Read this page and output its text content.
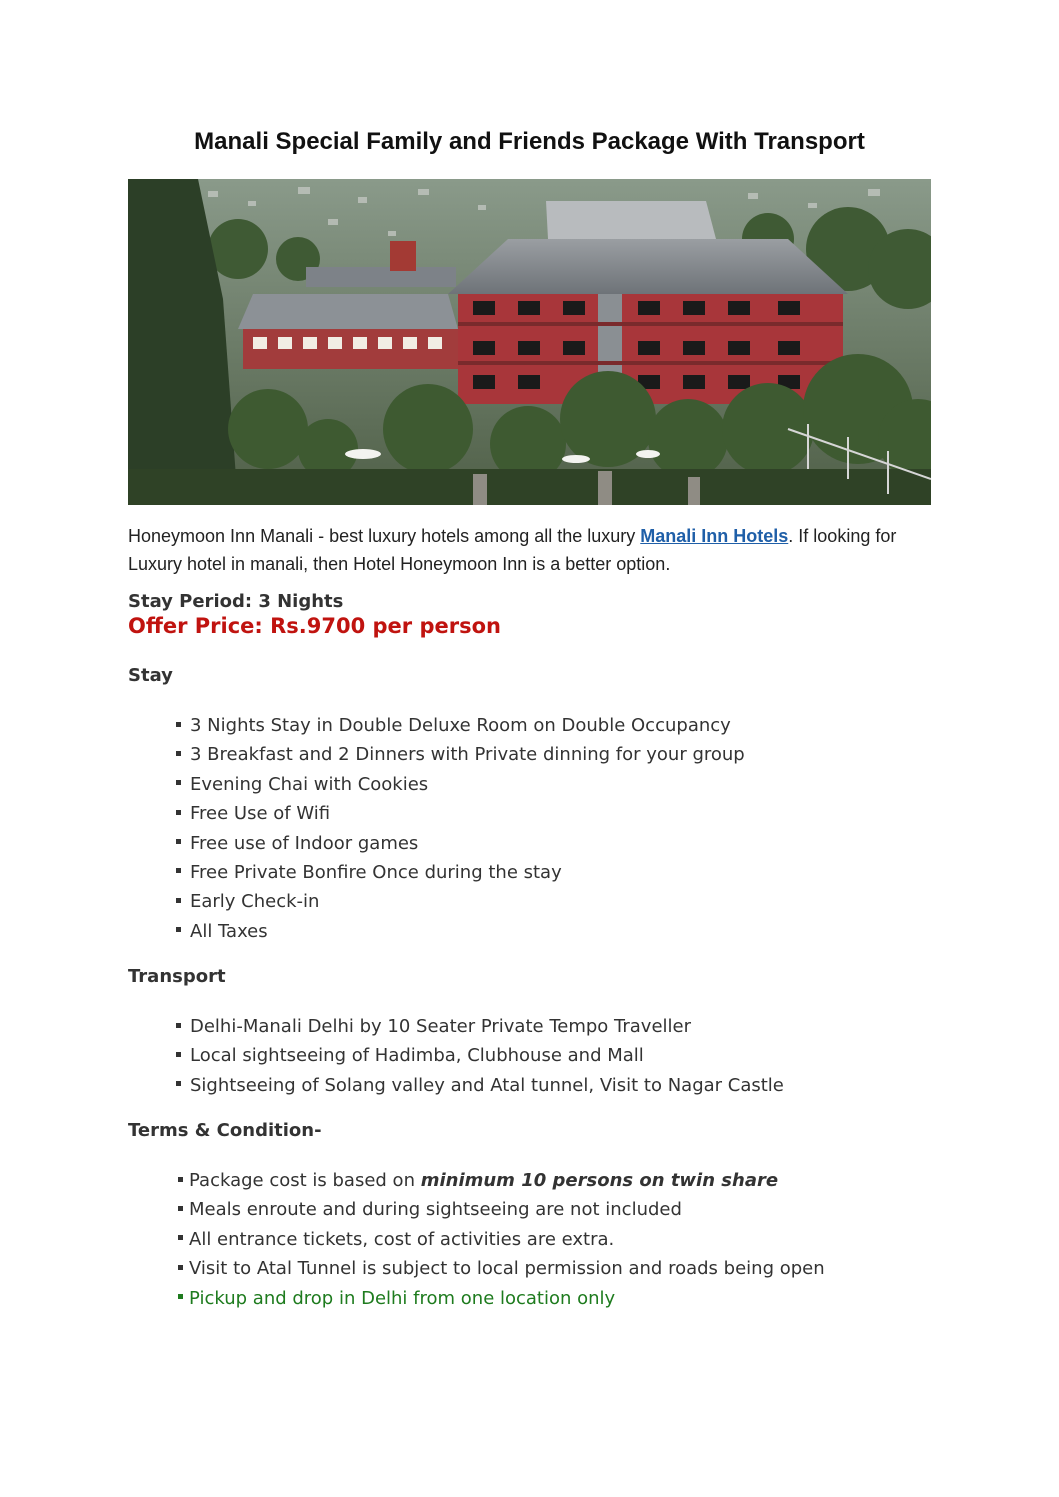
Manali Special Family and Friends Package With Transport

Honeymoon Inn Manali - best luxury hotels among all the luxury Manali Inn Hotels. If looking for Luxury hotel in manali, then Hotel Honeymoon Inn is a better option.

Stay Period: 3 Nights

Offer Price: Rs.9700 per person

Stay

3 Nights Stay in Double Deluxe Room on Double Occupancy
3 Breakfast and 2 Dinners with Private dinning for your group
Evening Chai with Cookies
Free Use of Wifi
Free use of Indoor games
Free Private Bonfire Once during the stay
Early Check-in
All Taxes

Transport

Delhi-Manali Delhi by 10 Seater Private Tempo Traveller
Local sightseeing of Hadimba, Clubhouse and Mall
Sightseeing of Solang valley and Atal tunnel, Visit to Nagar Castle

Terms & Condition-

Package cost is based on minimum 10 persons on twin share
Meals enroute and during sightseeing are not included
All entrance tickets, cost of activities are extra.
Visit to Atal Tunnel is subject to local permission and roads being open
Pickup and drop in Delhi from one location only
